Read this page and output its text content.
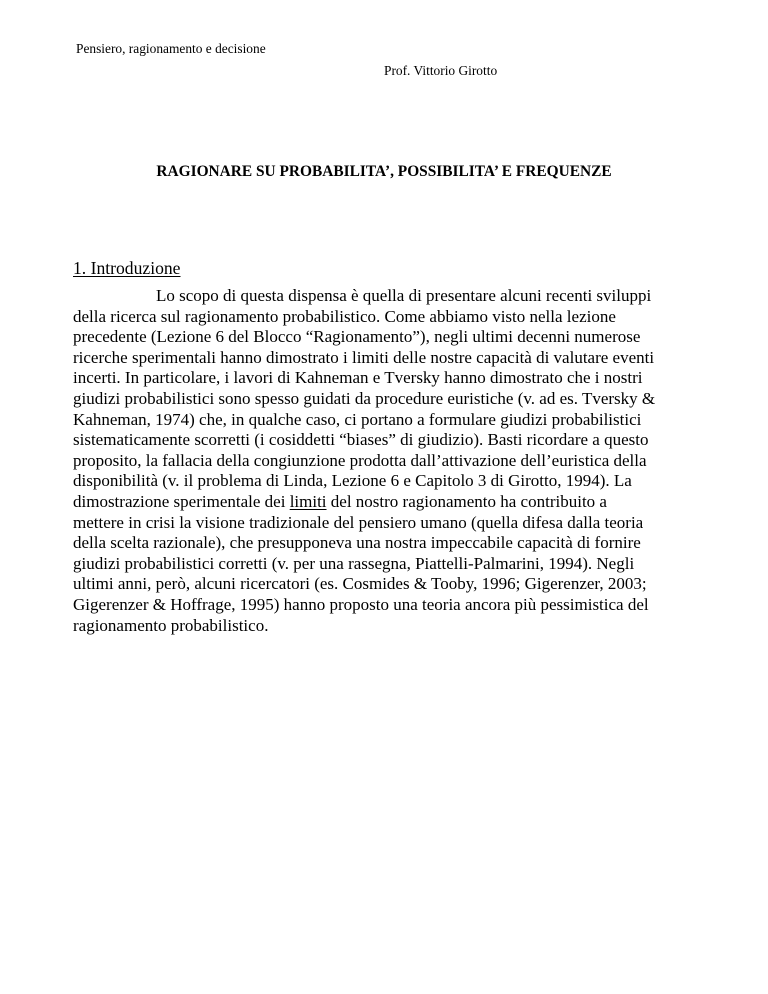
Pensiero, ragionamento e decisione
Prof. Vittorio Girotto
RAGIONARE SU PROBABILITA’, POSSIBILITA’ E FREQUENZE
1. Introduzione
Lo scopo di questa dispensa è quella di presentare alcuni recenti sviluppi
della ricerca sul ragionamento probabilistico. Come abbiamo visto nella lezione
precedente (Lezione 6 del Blocco “Ragionamento”), negli ultimi decenni numerose
ricerche sperimentali hanno dimostrato i limiti delle nostre capacità di valutare eventi
incerti. In particolare, i lavori di Kahneman e Tversky hanno dimostrato che i nostri
giudizi probabilistici sono spesso guidati da procedure euristiche (v. ad es. Tversky &
Kahneman, 1974) che, in qualche caso, ci portano a formulare giudizi probabilistici
sistematicamente scorretti (i cosiddetti “biases” di giudizio). Basti ricordare a questo
proposito, la fallacia della congiunzione prodotta dall’attivazione dell’euristica della
disponibilità (v. il problema di Linda, Lezione 6 e Capitolo 3 di Girotto, 1994). La
dimostrazione sperimentale dei limiti del nostro ragionamento ha contribuito a
mettere in crisi la visione tradizionale del pensiero umano (quella difesa dalla teoria
della scelta razionale), che presupponeva una nostra impeccabile capacità di fornire
giudizi probabilistici corretti (v. per una rassegna, Piattelli-Palmarini, 1994). Negli
ultimi anni, però, alcuni ricercatori (es. Cosmides & Tooby, 1996; Gigerenzer, 2003;
Gigerenzer & Hoffrage, 1995) hanno proposto una teoria ancora più pessimistica del
ragionamento probabilistico.
